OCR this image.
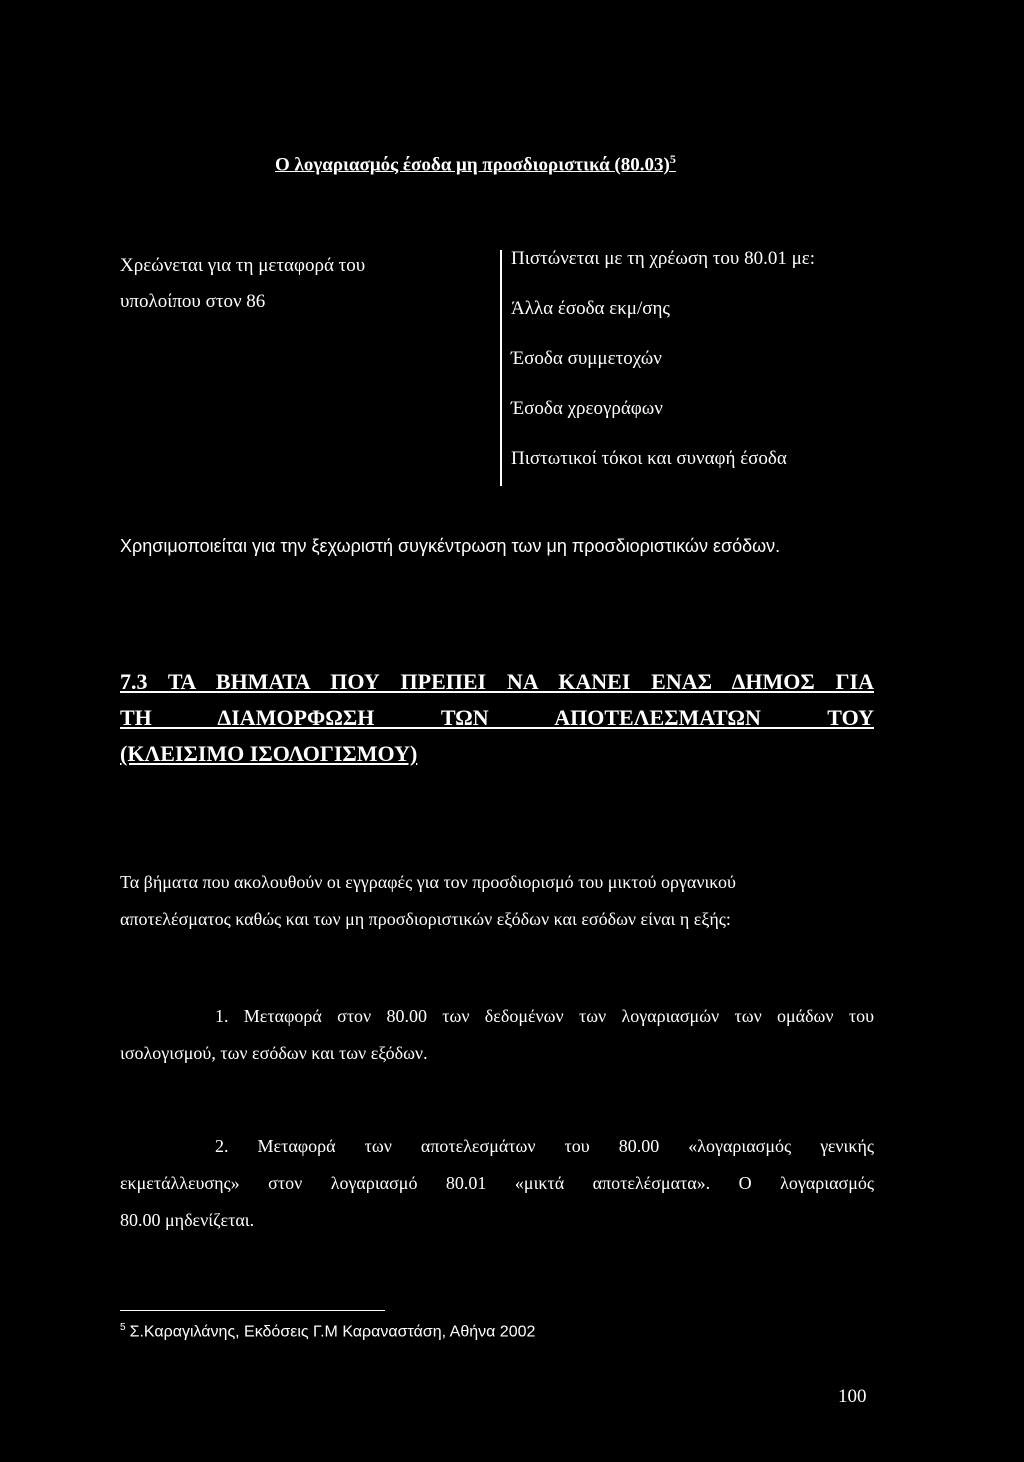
Ο λογαριασμός έσοδα μη προσδιοριστικά $(80.03)^5$
Χρεώνεται για τη μεταφορά του
υπολοίπου στον 86
Πιστώνεται με τη χρέωση του 80.01 με:
Άλλα έσοδα εκμ/σης
Έσοδα συμμετοχών
Έσοδα χρεογράφων
Πιστωτικοί τόκοι και συναφή έσοδα
Χρησιμοποιείται για την ξεχωριστή συγκέντρωση των μη προσδιοριστικών εσόδων.
7.3 ΤΑ ΒΗΜΑΤΑ ΠΟΥ ΠΡΕΠΕΙ ΝΑ ΚΑΝΕΙ ΕΝΑΣ ΔΗΜΟΣ ΓΙΑ
ΤΗ ΔΙΑΜΟΡΦΩΣΗ ΤΩΝ ΑΠΟΤΕΛΕΣΜΑΤΩΝ ΤΟΥ
(ΚΛΕΙΣΙΜΟ ΙΣΟΛΟΓΙΣΜΟΥ)
Τα βήματα που ακολουθούν οι εγγραφές για τον προσδιορισμό του μικτού οργανικού
αποτελέσματος καθώς και των μη προσδιοριστικών εξόδων και εσόδων είναι η εξής:
1. Μεταφορά στον 80.00 των δεδομένων των λογαριασμών των ομάδων του
ισολογισμού, των εσόδων και των εξόδων.
2. Μεταφορά των αποτελεσμάτων του 80.00 «λογαριασμός γενικής
εκμετάλλευσης» στον λογαριασμό 80.01 «μικτά αποτελέσματα». Ο λογαριασμός
80.00 μηδενίζεται.
$^5$ Σ.Καραγιλάνης, Εκδόσεις Γ.Μ Καραναστάση, Αθήνα 2002
100
